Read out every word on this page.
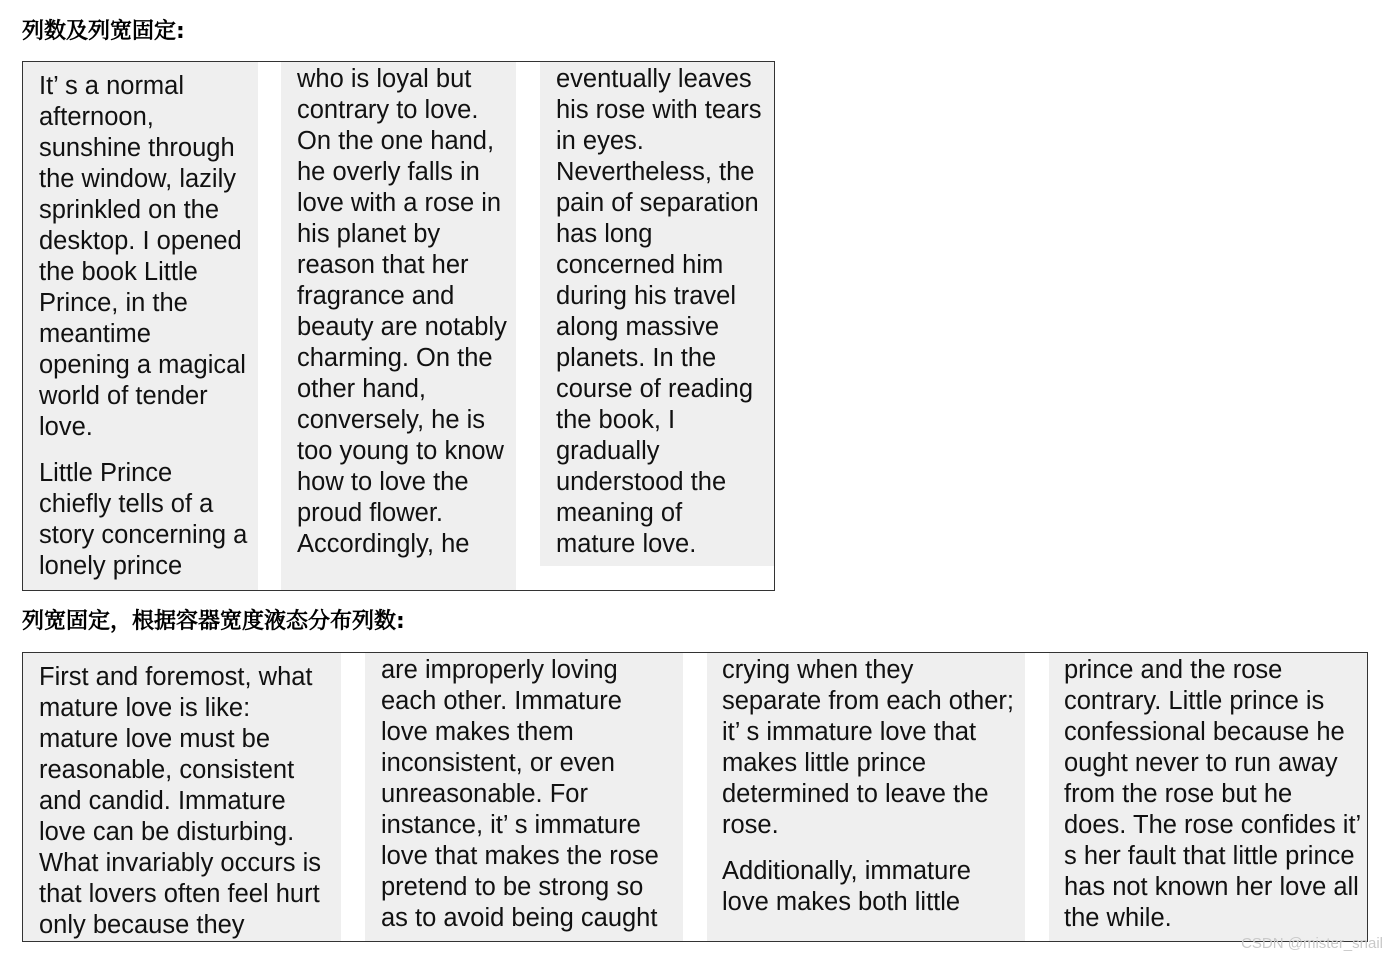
列数及列宽固定:

It’ s a normal afternoon, sunshine through the window, lazily sprinkled on the desktop. I opened the book Little Prince, in the meantime opening a magical world of tender love.

Little Prince chiefly tells of a story concerning a lonely prince

who is loyal but contrary to love. On the one hand, he overly falls in love with a rose in his planet by reason that her fragrance and beauty are notably charming. On the other hand, conversely, he is too young to know how to love the proud flower. Accordingly, he

eventually leaves his rose with tears in eyes. Nevertheless, the pain of separation has long concerned him during his travel along massive planets. In the course of reading the book, I gradually understood the meaning of mature love.

列宽固定，根据容器宽度液态分布列数:

First and foremost, what mature love is like: mature love must be reasonable, consistent and candid. Immature love can be disturbing. What invariably occurs is that lovers often feel hurt only because they

are improperly loving each other. Immature love makes them inconsistent, or even unreasonable. For instance, it’ s immature love that makes the rose pretend to be strong so as to avoid being caught

crying when they separate from each other; it’ s immature love that makes little prince determined to leave the rose.

Additionally, immature love makes both little

prince and the rose contrary. Little prince is confessional because he ought never to run away from the rose but he does. The rose confides it’ s her fault that little prince has not known her love all the while.

CSDN @mister_snail
